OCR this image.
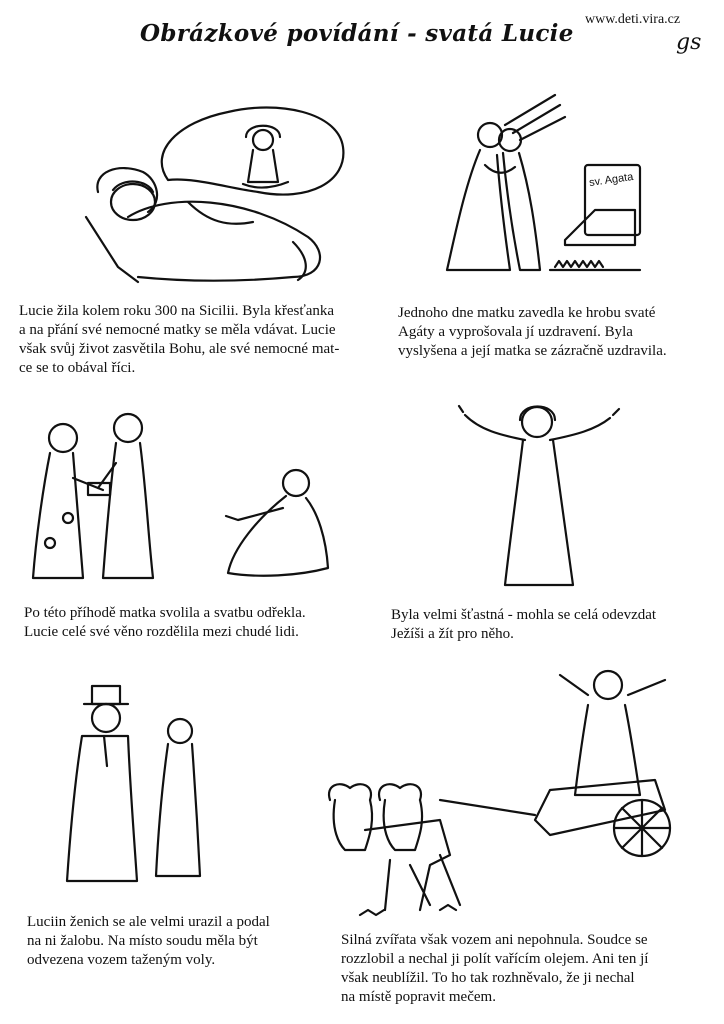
Obrázkové povídání - svatá Lucie
www.deti.vira.cz
gs
sv. Agata

Lucie žila kolem roku 300 na Sicilii. Byla křesťanka
a na přání své nemocné matky se měla vdávat. Lucie
však svůj život zasvětila Bohu, ale své nemocné mat-
ce se to obával říci.

Jednoho dne matku zavedla ke hrobu svaté
Agáty a vyprošovala jí uzdravení. Byla
vyslyšena a její matka se zázračně uzdravila.

Po této příhodě matka svolila a svatbu odřekla.
Lucie celé své věno rozdělila mezi chudé lidi.

Byla velmi šťastná - mohla se celá odevzdat
Ježíši a žít pro něho.

Luciin ženich se ale velmi urazil a podal
na ni žalobu. Na místo soudu měla být
odvezena vozem taženým voly.

Silná zvířata však vozem ani nepohnula. Soudce se
rozzlobil a nechal ji polít vařícím olejem. Ani ten jí
však neublížil. To ho tak rozhněvalo, že ji nechal
na místě popravit mečem.
